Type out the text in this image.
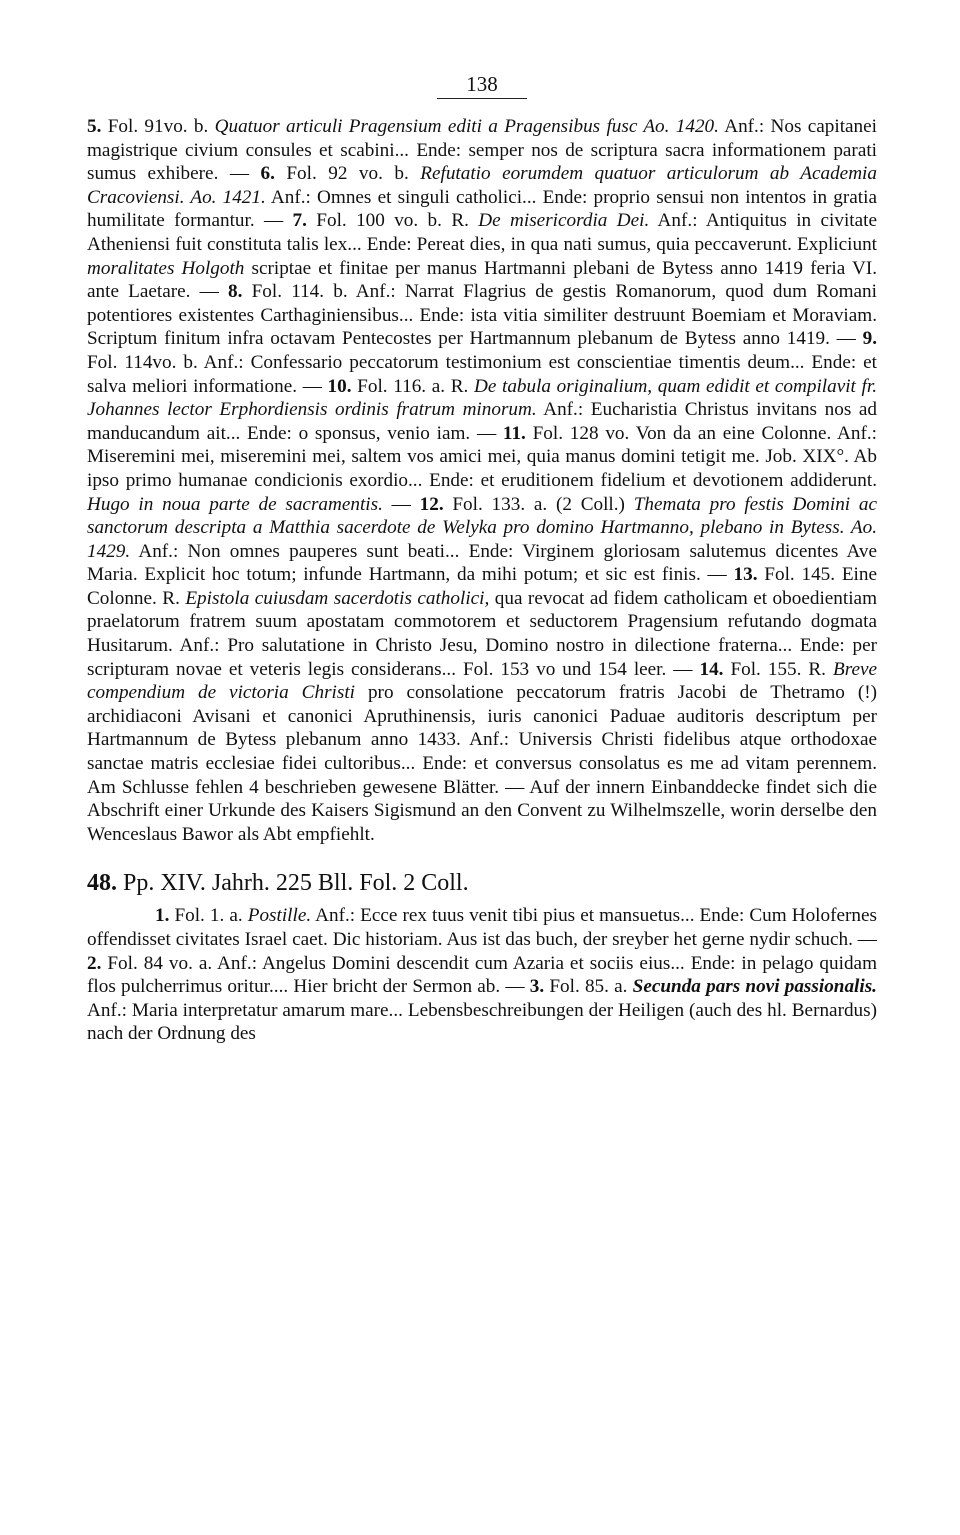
138
5. Fol. 91vo. b. Quatuor articuli Pragensium editi a Pragensibus fusc Ao. 1420. Anf.: Nos capitanei magistrique civium consules et scabini... Ende: semper nos de scriptura sacra informationem parati sumus exhibere. — 6. Fol. 92 vo. b. Refutatio eorumdem quatuor articulorum ab Academia Cracoviensi. Ao. 1421. Anf.: Omnes et singuli catholici... Ende: proprio sensui non intentos in gratia humilitate formantur. — 7. Fol. 100 vo. b. R. De misericordia Dei. Anf.: Antiquitus in civitate Atheniensi fuit constituta talis lex... Ende: Pereat dies, in qua nati sumus, quia peccaverunt. Expliciunt moralitates Holgoth scriptae et finitae per manus Hartmanni plebani de Bytess anno 1419 feria VI. ante Laetare. — 8. Fol. 114. b. Anf.: Narrat Flagrius de gestis Romanorum, quod dum Romani potentiores existentes Carthaginiensibus... Ende: ista vitia similiter destruunt Boemiam et Moraviam. Scriptum finitum infra octavam Pentecostes per Hartmannum plebanum de Bytess anno 1419. — 9. Fol. 114vo. b. Anf.: Confessario peccatorum testimonium est conscientiae timentis deum... Ende: et salva meliori informatione. — 10. Fol. 116. a. R. De tabula originalium, quam edidit et compilavit fr. Johannes lector Erphordiensis ordinis fratrum minorum. Anf.: Eucharistia Christus invitans nos ad manducandum ait... Ende: o sponsus, venio iam. — 11. Fol. 128 vo. Von da an eine Colonne. Anf.: Miseremini mei, miseremini mei, saltem vos amici mei, quia manus domini tetigit me. Job. XIX°. Ab ipso primo humanae condicionis exordio... Ende: et eruditionem fidelium et devotionem addiderunt. Hugo in noua parte de sacramentis. — 12. Fol. 133. a. (2 Coll.) Themata pro festis Domini ac sanctorum descripta a Matthia sacerdote de Welyka pro domino Hartmanno, plebano in Bytess. Ao. 1429. Anf.: Non omnes pauperes sunt beati... Ende: Virginem gloriosam salutemus dicentes Ave Maria. Explicit hoc totum; infunde Hartmann, da mihi potum; et sic est finis. — 13. Fol. 145. Eine Colonne. R. Epistola cuiusdam sacerdotis catholici, qua revocat ad fidem catholicam et oboedientiam praelatorum fratrem suum apostatam commotorem et seductorem Pragensium refutando dogmata Husitarum. Anf.: Pro salutatione in Christo Jesu, Domino nostro in dilectione fraterna... Ende: per scripturam novae et veteris legis considerans... Fol. 153 vo und 154 leer. — 14. Fol. 155. R. Breve compendium de victoria Christi pro consolatione peccatorum fratris Jacobi de Thetramo (!) archidiaconi Avisani et canonici Apruthinensis, iuris canonici Paduae auditoris descriptum per Hartmannum de Bytess plebanum anno 1433. Anf.: Universis Christi fidelibus atque orthodoxae sanctae matris ecclesiae fidei cultoribus... Ende: et conversus consolatus es me ad vitam perennem. Am Schlusse fehlen 4 beschrieben gewesene Blätter. — Auf der innern Einbanddecke findet sich die Abschrift einer Urkunde des Kaisers Sigismund an den Convent zu Wilhelmszelle, worin derselbe den Wenceslaus Bawor als Abt empfiehlt.
48. Pp. XIV. Jahrh. 225 Bll. Fol. 2 Coll.
1. Fol. 1. a. Postille. Anf.: Ecce rex tuus venit tibi pius et mansuetus... Ende: Cum Holofernes offendisset civitates Israel caet. Dic historiam. Aus ist das buch, der sreyber het gerne nydir schuch. — 2. Fol. 84 vo. a. Anf.: Angelus Domini descendit cum Azaria et sociis eius... Ende: in pelago quidam flos pulcherrimus oritur.... Hier bricht der Sermon ab. — 3. Fol. 85. a. Secunda pars novi passionalis. Anf.: Maria interpretatur amarum mare... Lebensbeschreibungen der Heiligen (auch des hl. Bernardus) nach der Ordnung des
